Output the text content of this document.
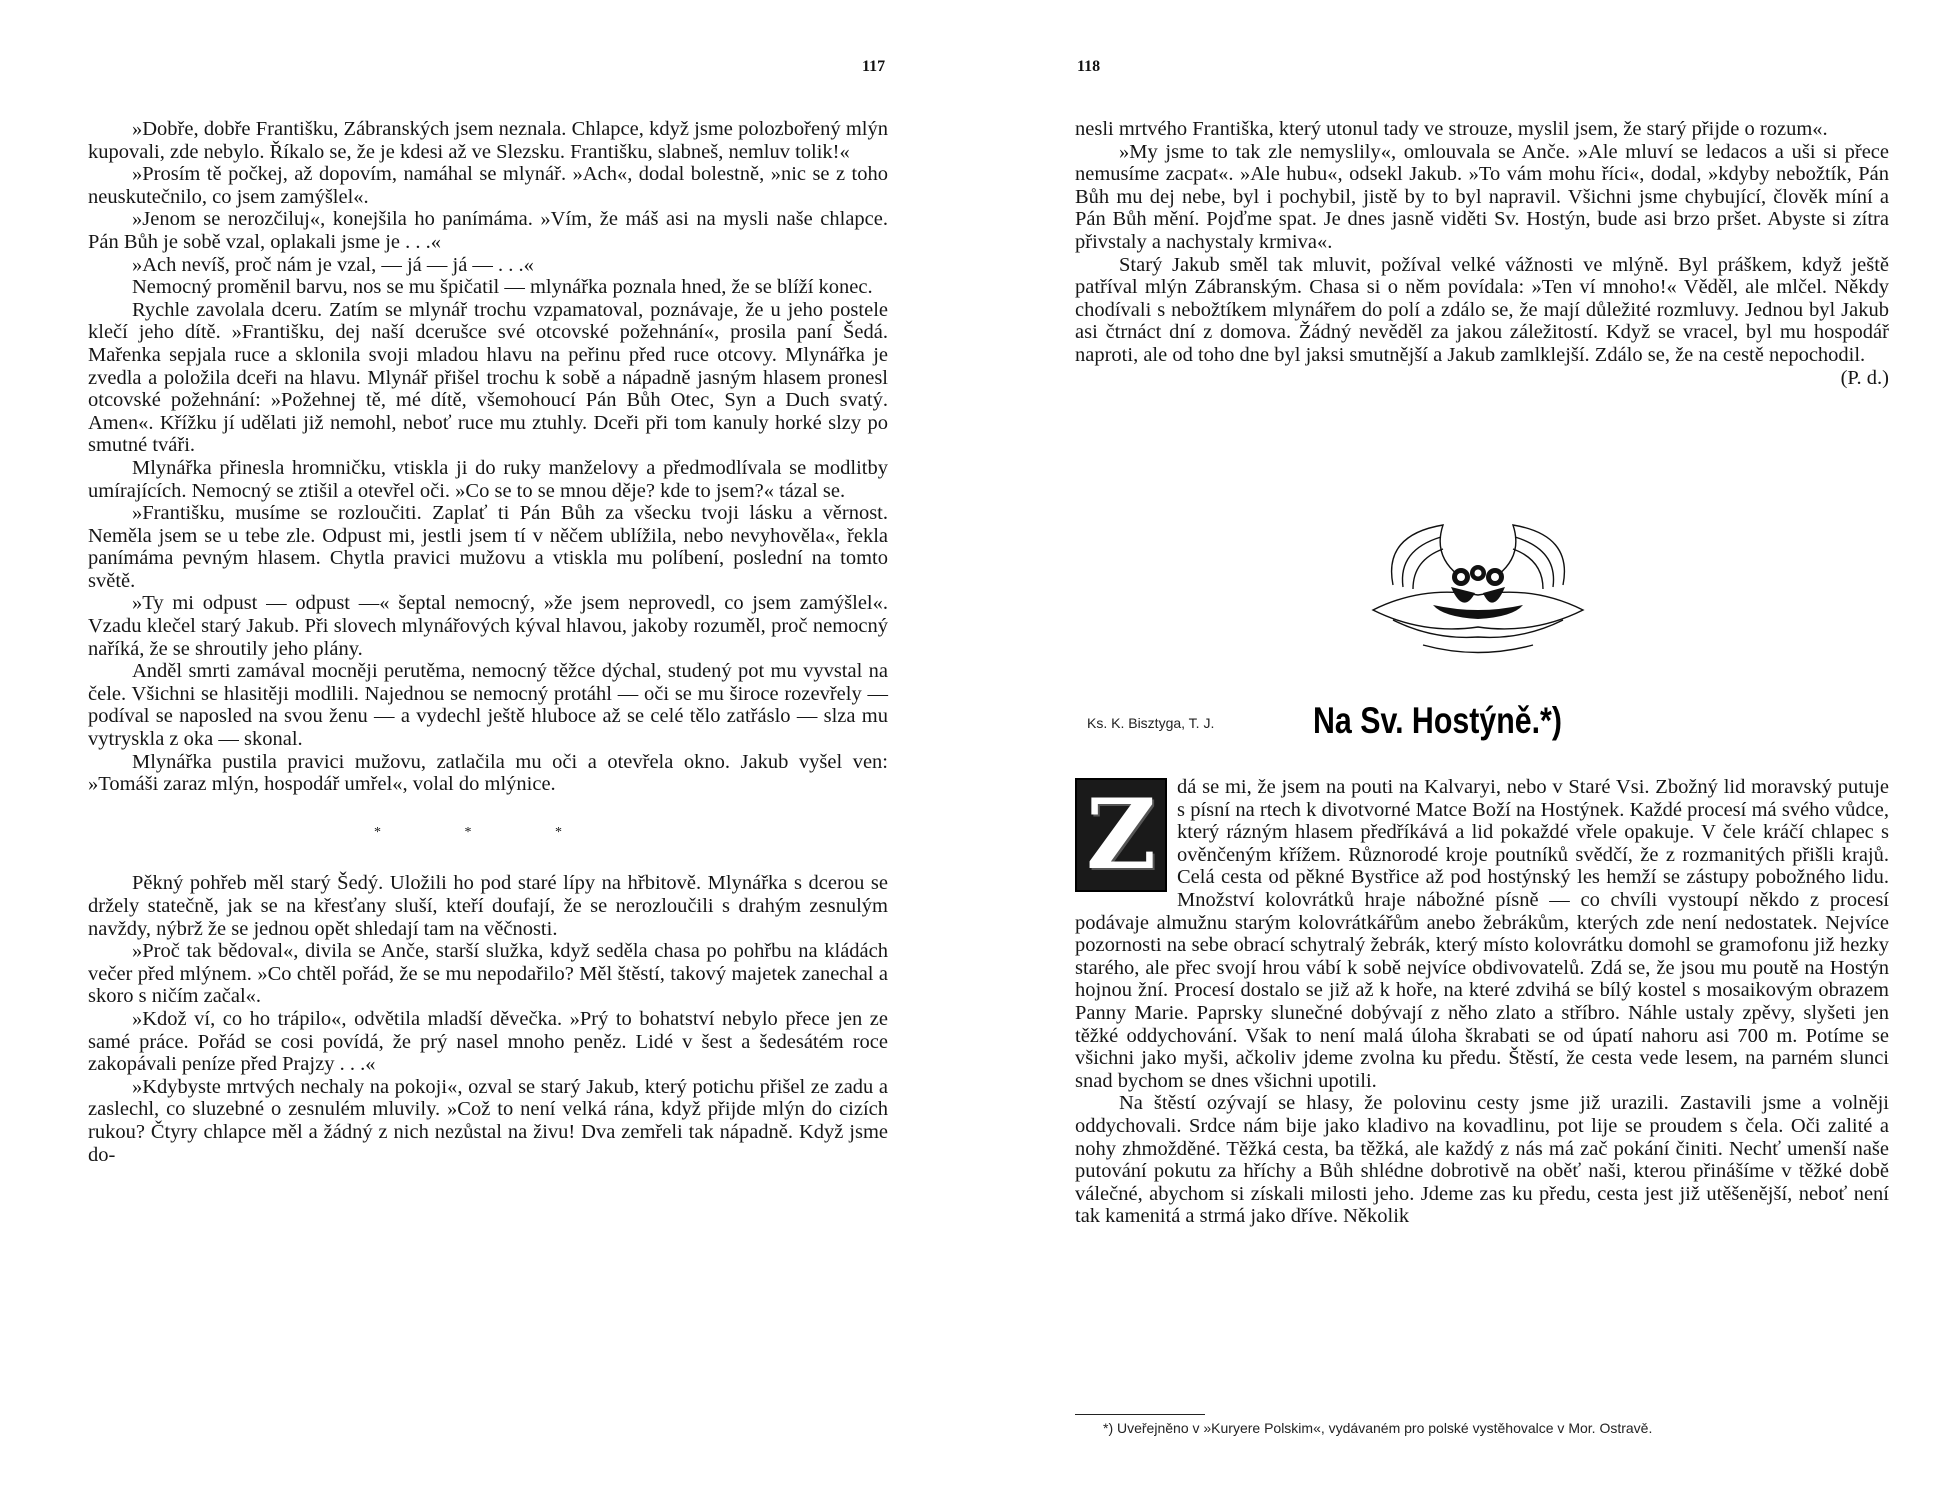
117

»Dobře, dobře Františku, Zábranských jsem neznala. Chlapce, když jsme polozbořený mlýn kupovali, zde nebylo. Říkalo se, že je kdesi až ve Slezsku. Františku, slabneš, nemluv tolik!«

»Prosím tě počkej, až dopovím, namáhal se mlynář. »Ach«, dodal bolestně, »nic se z toho neuskutečnilo, co jsem zamýšlel«.

»Jenom se nerozčiluj«, konejšila ho panímáma. »Vím, že máš asi na mysli naše chlapce. Pán Bůh je sobě vzal, oplakali jsme je . . .«

»Ach nevíš, proč nám je vzal, — já — já — . . .«

Nemocný proměnil barvu, nos se mu špičatil — mlynářka poznala hned, že se blíží konec.

Rychle zavolala dceru. Zatím se mlynář trochu vzpamatoval, poznávaje, že u jeho postele klečí jeho dítě. »Františku, dej naší dcerušce své otcovské požehnání«, prosila paní Šedá. Mařenka sepjala ruce a sklonila svoji mladou hlavu na peřinu před ruce otcovy. Mlynářka je zvedla a položila dceři na hlavu. Mlynář přišel trochu k sobě a nápadně jasným hlasem pronesl otcovské požehnání: »Požehnej tě, mé dítě, všemohoucí Pán Bůh Otec, Syn a Duch svatý. Amen«. Křížku jí udělati již nemohl, neboť ruce mu ztuhly. Dceři při tom kanuly horké slzy po smutné tváři.

Mlynářka přinesla hromničku, vtiskla ji do ruky manželovy a předmodlívala se modlitby umírajících. Nemocný se ztišil a otevřel oči. »Co se to se mnou děje? kde to jsem?« tázal se.

»Františku, musíme se rozloučiti. Zaplať ti Pán Bůh za všecku tvoji lásku a věrnost. Neměla jsem se u tebe zle. Odpust mi, jestli jsem tí v něčem ublížila, nebo nevyhověla«, řekla panímáma pevným hlasem. Chytla pravici mužovu a vtiskla mu políbení, poslední na tomto světě.

»Ty mi odpust — odpust —« šeptal nemocný, »že jsem neprovedl, co jsem zamýšlel«. Vzadu klečel starý Jakub. Při slovech mlynářových kýval hlavou, jakoby rozuměl, proč nemocný naříká, že se shroutily jeho plány.

Anděl smrti zamával mocněji perutěma, nemocný těžce dýchal, studený pot mu vyvstal na čele. Všichni se hlasitěji modlili. Najednou se nemocný protáhl — oči se mu široce rozevřely — podíval se naposled na svou ženu — a vydechl ještě hluboce až se celé tělo zatřáslo — slza mu vytryskla z oka — skonal.

Mlynářka pustila pravici mužovu, zatlačila mu oči a otevřela okno. Jakub vyšel ven: »Tomáši zaraz mlýn, hospodář umřel«, volal do mlýnice.

* * *

Pěkný pohřeb měl starý Šedý. Uložili ho pod staré lípy na hřbitově. Mlynářka s dcerou se držely statečně, jak se na křesťany sluší, kteří doufají, že se nerozloučili s drahým zesnulým navždy, nýbrž že se jednou opět shledají tam na věčnosti.

»Proč tak bědoval«, divila se Anče, starší služka, když seděla chasa po pohřbu na kládách večer před mlýnem. »Co chtěl pořád, že se mu nepodařilo? Měl štěstí, takový majetek zanechal a skoro s ničím začal«.

»Kdož ví, co ho trápilo«, odvětila mladší děvečka. »Prý to bohatství nebylo přece jen ze samé práce. Pořád se cosi povídá, že prý nasel mnoho peněz. Lidé v šest a šedesátém roce zakopávali peníze před Prajzy . . .«

»Kdybyste mrtvých nechaly na pokoji«, ozval se starý Jakub, který potichu přišel ze zadu a zaslechl, co sluzebné o zesnulém mluvily. »Což to není velká rána, když přijde mlýn do cizích rukou? Čtyry chlapce měl a žádný z nich nezůstal na živu! Dva zemřeli tak nápadně. Když jsme do-

118

nesli mrtvého Františka, který utonul tady ve strouze, myslil jsem, že starý přijde o rozum«.

»My jsme to tak zle nemyslily«, omlouvala se Anče. »Ale mluví se ledacos a uši si přece nemusíme zacpat«. »Ale hubu«, odsekl Jakub. »To vám mohu říci«, dodal, »kdyby nebožtík, Pán Bůh mu dej nebe, byl i pochybil, jistě by to byl napravil. Všichni jsme chybující, člověk míní a Pán Bůh mění. Pojďme spat. Je dnes jasně viděti Sv. Hostýn, bude asi brzo pršet. Abyste si zítra přivstaly a nachystaly krmiva«.

Starý Jakub směl tak mluvit, požíval velké vážnosti ve mlýně. Byl práškem, když ještě patříval mlýn Zábranským. Chasa si o něm povídala: »Ten ví mnoho!« Věděl, ale mlčel. Někdy chodívali s nebožtíkem mlynářem do polí a zdálo se, že mají důležité rozmluvy. Jednou byl Jakub asi čtrnáct dní z domova. Žádný nevěděl za jakou záležitostí. Když se vracel, byl mu hospodář naproti, ale od toho dne byl jaksi smutnější a Jakub zamlklejší. Zdálo se, že na cestě nepochodil.
(P. d.)

Ks. K. Bisztyga, T. J.	Na Sv. Hostýně.*)
Z	dá se mi, že jsem na pouti na Kalvaryi, nebo v Staré Vsi. Zbožný lid moravský putuje s písní na rtech k divotvorné Matce Boží na Hostýnek. Každé procesí má svého vůdce, který rázným hlasem předříkává a lid pokaždé vřele opakuje. V čele kráčí chlapec s ověnčeným křížem. Různorodé kroje poutníků svědčí, že z rozmanitých přišli krajů. Celá cesta od pěkné Bystřice až pod hostýnský les hemží se zástupy pobožného lidu. Množství kolovrátků hraje nábožné písně — co chvíli vystoupí někdo z procesí podávaje almužnu starým kolovrátkářům anebo žebrákům, kterých zde není nedostatek. Nejvíce pozornosti na sebe obrací schytralý žebrák, který místo kolovrátku domohl se gramofonu již hezky starého, ale přec svojí hrou vábí k sobě nejvíce obdivovatelů. Zdá se, že jsou mu poutě na Hostýn hojnou žní. Procesí dostalo se již až k hoře, na které zdvihá se bílý kostel s mosaikovým obrazem Panny Marie. Paprsky slunečné dobývají z něho zlato a stříbro. Náhle ustaly zpěvy, slyšeti jen těžké oddychování. Však to není malá úloha škrabati se od úpatí nahoru asi 700 m. Potíme se všichni jako myši, ačkoliv jdeme zvolna ku předu. Štěstí, že cesta vede lesem, na parném slunci snad bychom se dnes všichni upotili.

Na štěstí ozývají se hlasy, že polovinu cesty jsme již urazili. Zastavili jsme a volněji oddychovali. Srdce nám bije jako kladivo na kovadlinu, pot lije se proudem s čela. Oči zalité a nohy zhmožděné. Těžká cesta, ba těžká, ale každý z nás má zač pokání činiti. Nechť umenší naše putování pokutu za hříchy a Bůh shlédne dobrotivě na oběť naši, kterou přinášíme v těžké době válečné, abychom si získali milosti jeho. Jdeme zas ku předu, cesta jest již utěšenější, neboť není tak kamenitá a strmá jako dříve. Několik

*) Uveřejněno v »Kuryere Polskim«, vydávaném pro polské vystěhovalce v Mor. Ostravě.
